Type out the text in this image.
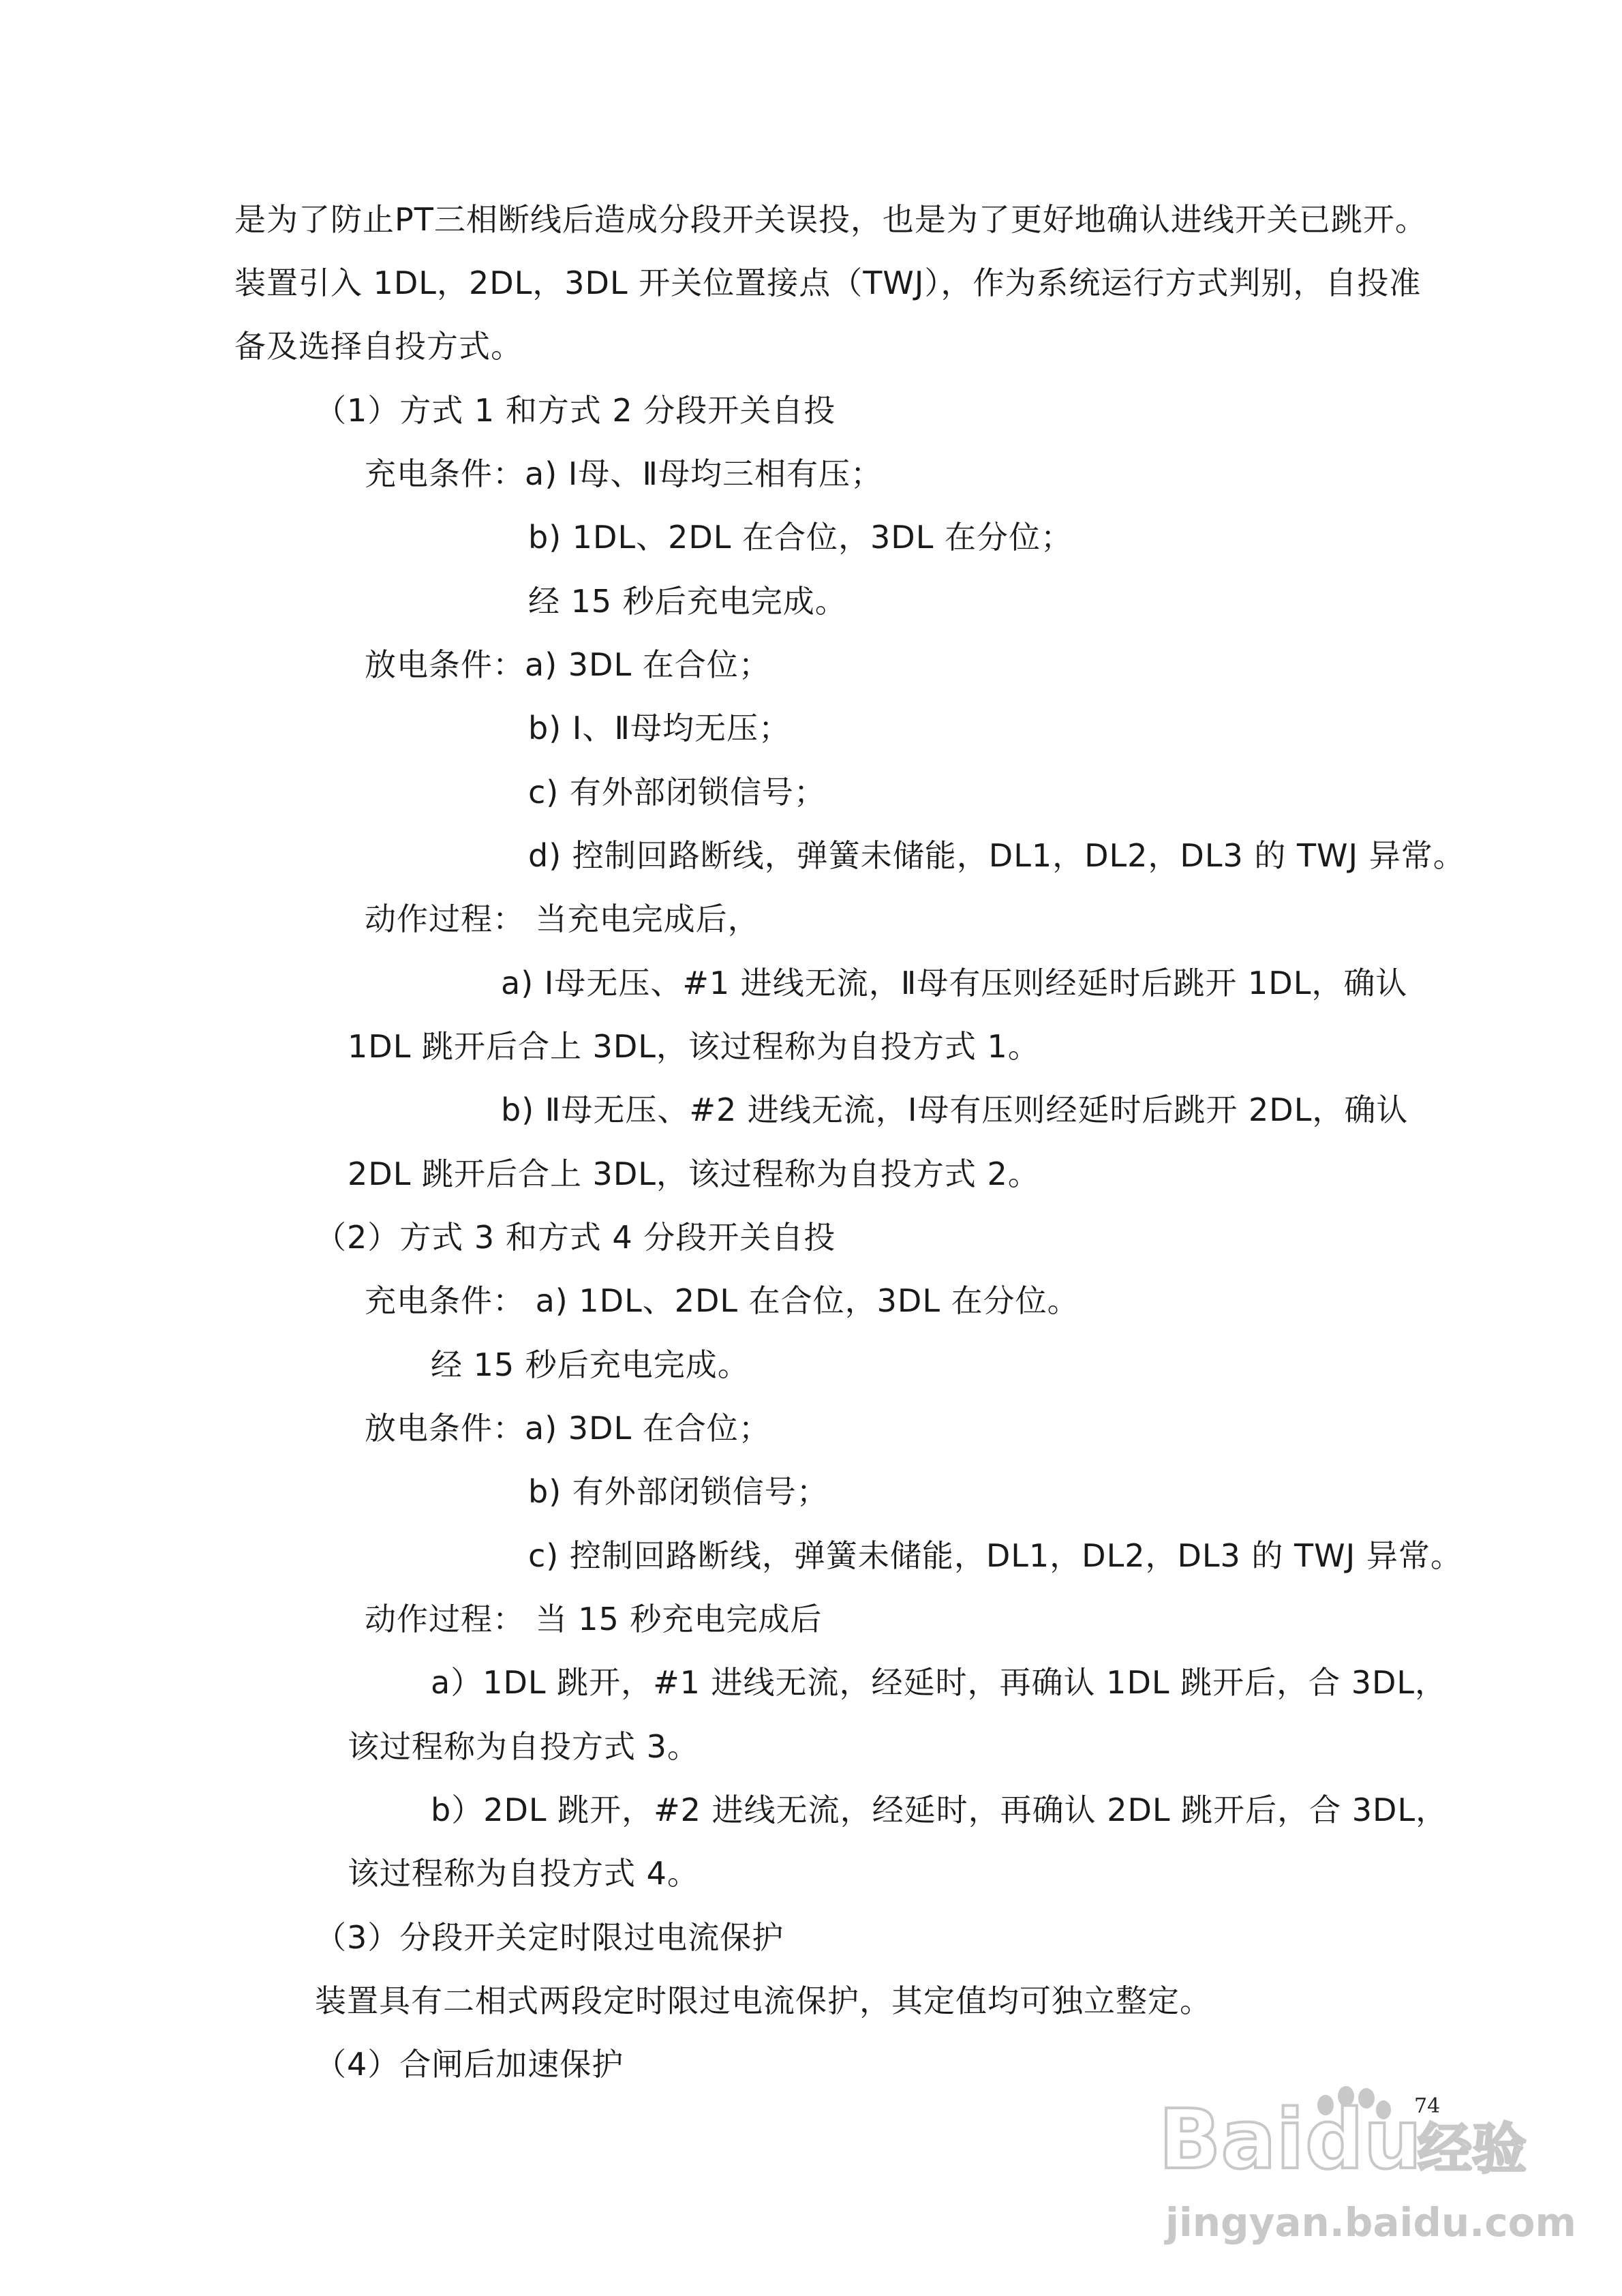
是为了防止PT三相断线后造成分段开关误投，也是为了更好地确认进线开关已跳开。
装置引入 1DL，2DL，3DL 开关位置接点（TWJ），作为系统运行方式判别，自投准
备及选择自投方式。
（1）方式 1 和方式 2 分段开关自投
充电条件：a) Ⅰ母、Ⅱ母均三相有压；
b) 1DL、2DL 在合位，3DL 在分位；
经 15 秒后充电完成。
放电条件：a) 3DL 在合位；
b) Ⅰ、Ⅱ母均无压；
c) 有外部闭锁信号；
d) 控制回路断线，弹簧未储能，DL1，DL2，DL3 的 TWJ 异常。
动作过程： 当充电完成后，
a) Ⅰ母无压、#1 进线无流，Ⅱ母有压则经延时后跳开 1DL，确认
1DL 跳开后合上 3DL，该过程称为自投方式 1。
b) Ⅱ母无压、#2 进线无流，Ⅰ母有压则经延时后跳开 2DL，确认
2DL 跳开后合上 3DL，该过程称为自投方式 2。
（2）方式 3 和方式 4 分段开关自投
充电条件： a) 1DL、2DL 在合位，3DL 在分位。
经 15 秒后充电完成。
放电条件：a) 3DL 在合位；
b) 有外部闭锁信号；
c) 控制回路断线，弹簧未储能，DL1，DL2，DL3 的 TWJ 异常。
动作过程： 当 15 秒充电完成后
a）1DL 跳开，#1 进线无流，经延时，再确认 1DL 跳开后，合 3DL，
该过程称为自投方式 3。
b）2DL 跳开，#2 进线无流，经延时，再确认 2DL 跳开后，合 3DL，
该过程称为自投方式 4。
（3）分段开关定时限过电流保护
装置具有二相式两段定时限过电流保护，其定值均可独立整定。
（4）合闸后加速保护
74
Bai du
经验
jingyan.baidu.com
